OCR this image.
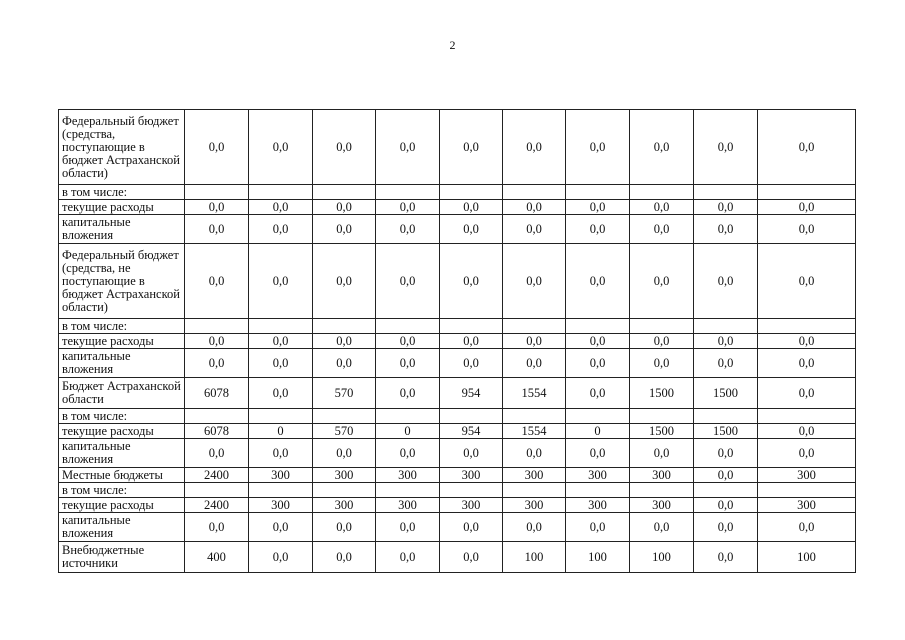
2
Федеральный бюджет (средства, поступающие в бюджет Астраханской области)	0,0	0,0	0,0	0,0	0,0	0,0	0,0	0,0	0,0	0,0
в том числе:										
текущие расходы	0,0	0,0	0,0	0,0	0,0	0,0	0,0	0,0	0,0	0,0
капитальные вложения	0,0	0,0	0,0	0,0	0,0	0,0	0,0	0,0	0,0	0,0
Федеральный бюджет (средства, не поступающие в бюджет Астраханской области)	0,0	0,0	0,0	0,0	0,0	0,0	0,0	0,0	0,0	0,0
в том числе:										
текущие расходы	0,0	0,0	0,0	0,0	0,0	0,0	0,0	0,0	0,0	0,0
капитальные вложения	0,0	0,0	0,0	0,0	0,0	0,0	0,0	0,0	0,0	0,0
Бюджет Астраханской области	6078	0,0	570	0,0	954	1554	0,0	1500	1500	0,0
в том числе:										
текущие расходы	6078	0	570	0	954	1554	0	1500	1500	0,0
капитальные вложения	0,0	0,0	0,0	0,0	0,0	0,0	0,0	0,0	0,0	0,0
Местные бюджеты	2400	300	300	300	300	300	300	300	0,0	300
в том числе:										
текущие расходы	2400	300	300	300	300	300	300	300	0,0	300
капитальные вложения	0,0	0,0	0,0	0,0	0,0	0,0	0,0	0,0	0,0	0,0
Внебюджетные источники	400	0,0	0,0	0,0	0,0	100	100	100	0,0	100
